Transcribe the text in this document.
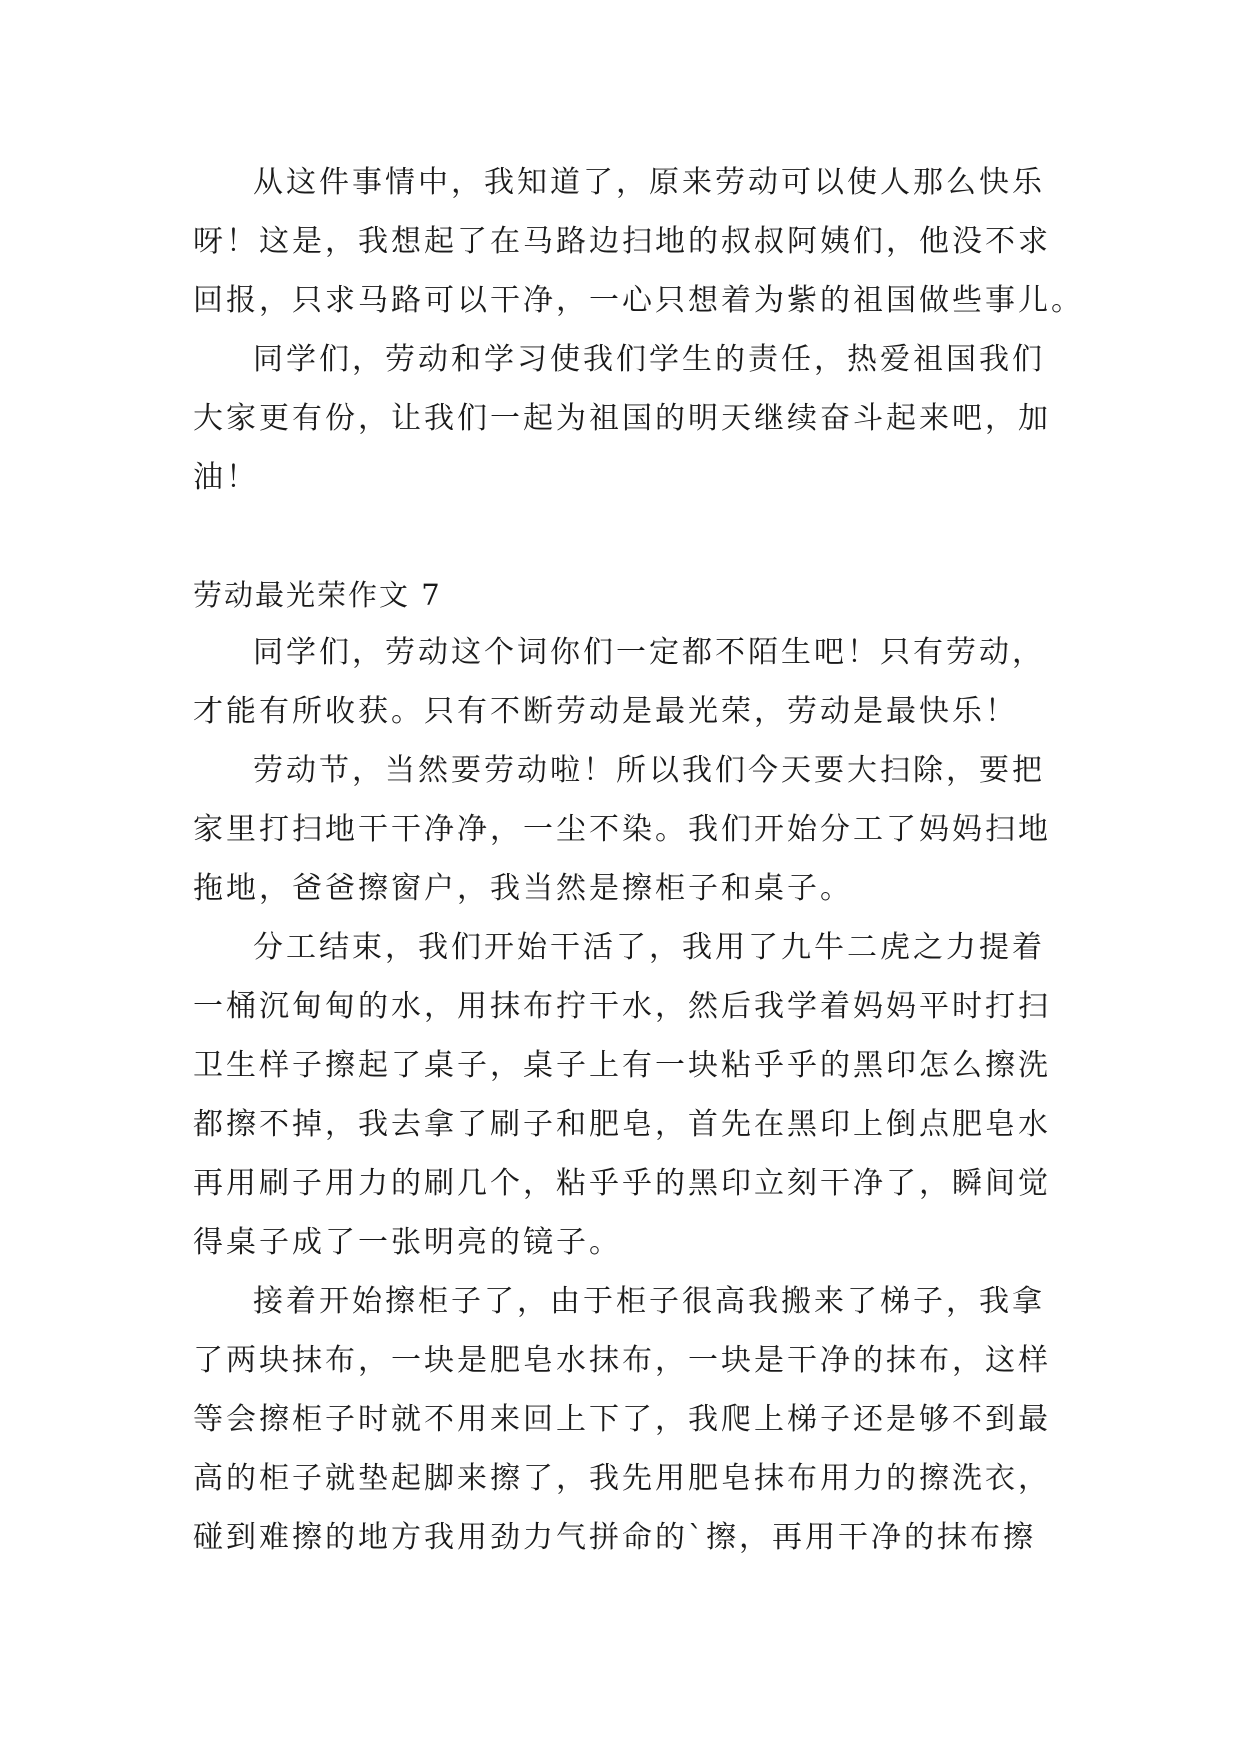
从这件事情中，我知道了，原来劳动可以使人那么快乐
呀！这是，我想起了在马路边扫地的叔叔阿姨们，他没不求
回报，只求马路可以干净，一心只想着为紫的祖国做些事儿。
同学们，劳动和学习使我们学生的责任，热爱祖国我们
大家更有份，让我们一起为祖国的明天继续奋斗起来吧，加
油！
劳动最光荣作文 7
同学们，劳动这个词你们一定都不陌生吧！只有劳动，
才能有所收获。只有不断劳动是最光荣，劳动是最快乐！
劳动节，当然要劳动啦！所以我们今天要大扫除，要把
家里打扫地干干净净，一尘不染。我们开始分工了妈妈扫地
拖地，爸爸擦窗户，我当然是擦柜子和桌子。
分工结束，我们开始干活了，我用了九牛二虎之力提着
一桶沉甸甸的水，用抹布拧干水，然后我学着妈妈平时打扫
卫生样子擦起了桌子，桌子上有一块粘乎乎的黑印怎么擦洗
都擦不掉，我去拿了刷子和肥皂，首先在黑印上倒点肥皂水
再用刷子用力的刷几个，粘乎乎的黑印立刻干净了，瞬间觉
得桌子成了一张明亮的镜子。
接着开始擦柜子了，由于柜子很高我搬来了梯子，我拿
了两块抹布，一块是肥皂水抹布，一块是干净的抹布，这样
等会擦柜子时就不用来回上下了，我爬上梯子还是够不到最
高的柜子就垫起脚来擦了，我先用肥皂抹布用力的擦洗衣，
碰到难擦的地方我用劲力气拼命的`擦，再用干净的抹布擦
